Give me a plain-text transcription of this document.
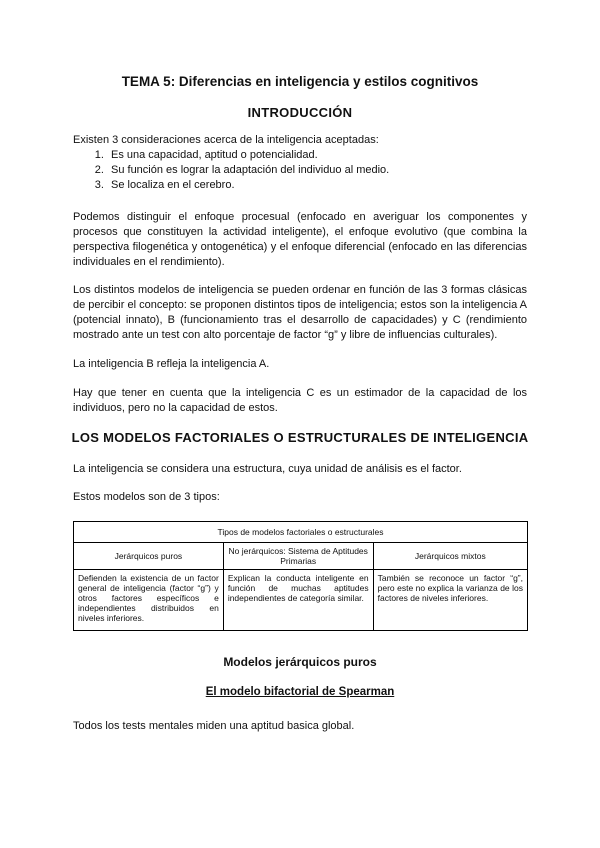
TEMA 5: Diferencias en inteligencia y estilos cognitivos
INTRODUCCIÓN
Existen 3 consideraciones acerca de la inteligencia aceptadas:
1. Es una capacidad, aptitud o potencialidad.
2. Su función es lograr la adaptación del individuo al medio.
3. Se localiza en el cerebro.

Podemos distinguir el enfoque procesual (enfocado en averiguar los componentes y procesos que constituyen la actividad inteligente), el enfoque evolutivo (que combina la perspectiva filogenética y ontogenética) y el enfoque diferencial (enfocado en las diferencias individuales en el rendimiento).

Los distintos modelos de inteligencia se pueden ordenar en función de las 3 formas clásicas de percibir el concepto: se proponen distintos tipos de inteligencia; estos son la inteligencia A (potencial innato), B (funcionamiento tras el desarrollo de capacidades) y C (rendimiento mostrado ante un test con alto porcentaje de factor “g” y libre de influencias culturales).

La inteligencia B refleja la inteligencia A.

Hay que tener en cuenta que la inteligencia C es un estimador de la capacidad de los individuos, pero no la capacidad de estos.

LOS MODELOS FACTORIALES O ESTRUCTURALES DE INTELIGENCIA

La inteligencia se considera una estructura, cuya unidad de análisis es el factor.

Estos modelos son de 3 tipos:

Tipos de modelos factoriales o estructurales		
Jerárquicos puros	No jerárquicos: Sistema de Aptitudes Primarias	Jerárquicos mixtos
Defienden la existencia de un factor general de inteligencia (factor “g”) y otros factores específicos e independientes distribuidos en niveles inferiores.	Explican la conducta inteligente en función de muchas aptitudes independientes de categoría similar.	También se reconoce un factor “g”, pero este no explica la varianza de los factores de niveles inferiores.
Modelos jerárquicos puros
El modelo bifactorial de Spearman

Todos los tests mentales miden una aptitud basica global.
